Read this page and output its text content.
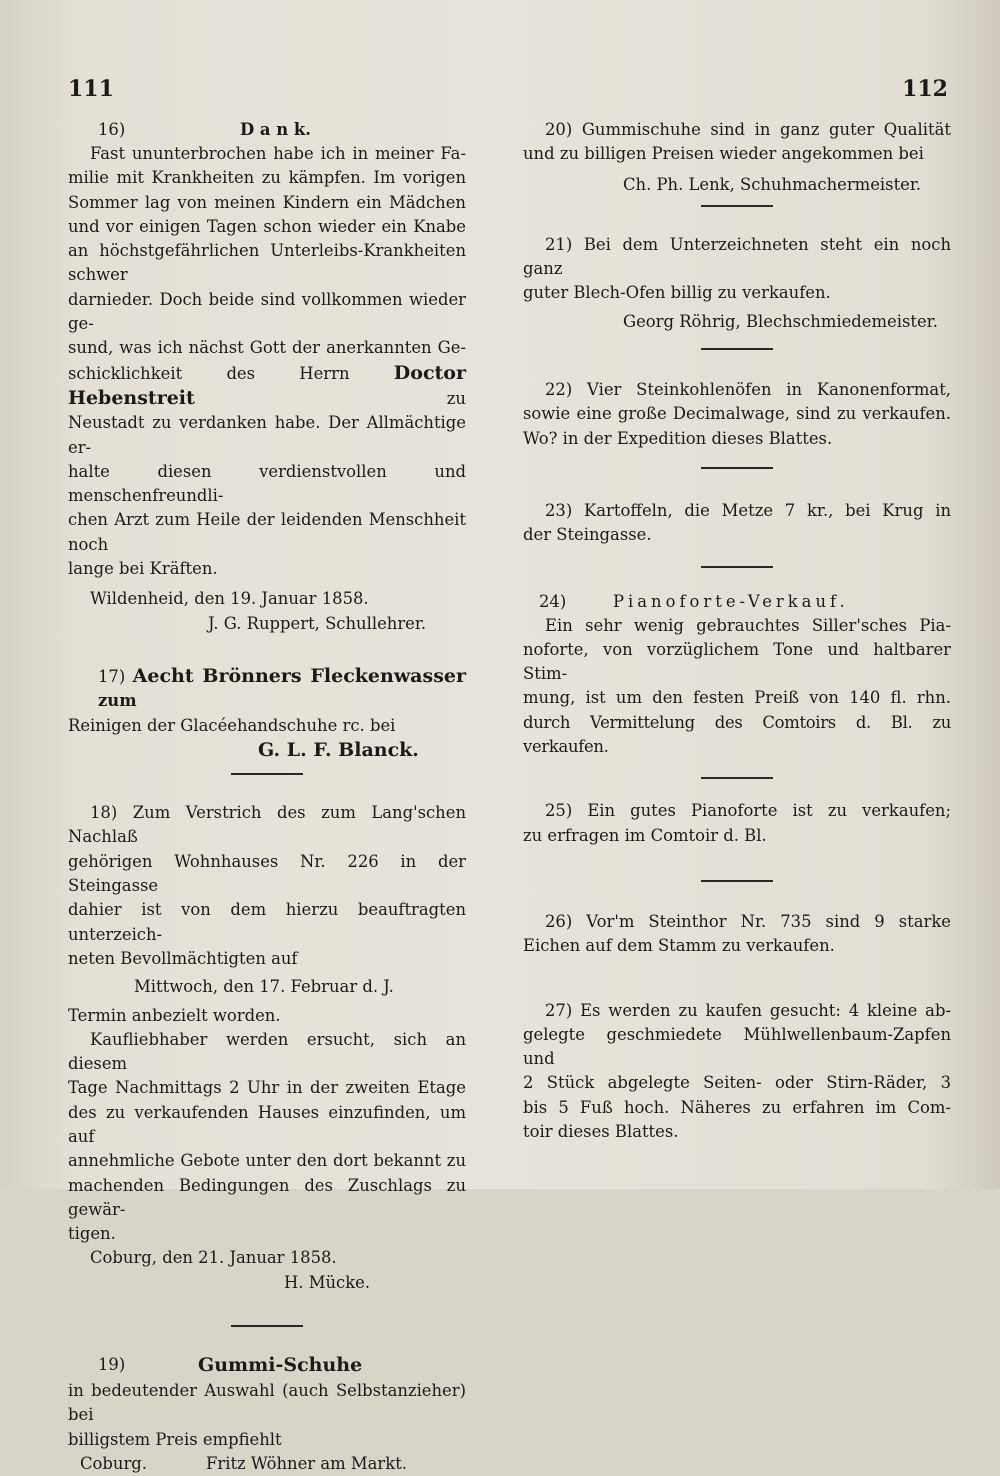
111	112

16)	D a n k.

Fast ununterbrochen habe ich in meiner Fa-

milie mit Krankheiten zu kämpfen. Im vorigen

Sommer lag von meinen Kindern ein Mädchen

und vor einigen Tagen schon wieder ein Knabe

an höchstgefährlichen Unterleibs-Krankheiten schwer

darnieder. Doch beide sind vollkommen wieder ge-

sund, was ich nächst Gott der anerkannten Ge-

schicklichkeit des Herrn Doctor Hebenstreit	zu

Neustadt zu verdanken habe. Der Allmächtige er-

halte diesen verdienstvollen und menschenfreundli-

chen Arzt zum Heile der leidenden Menschheit noch

lange bei Kräften.

Wildenheid, den 19. Januar 1858.

J. G. Ruppert, Schullehrer.

17) Aecht Brönners Fleckenwasser zum

Reinigen der Glacéehandschuhe rc. bei

G. L. F. Blanck.

18) Zum Verstrich des zum Lang'schen Nachlaß

gehörigen Wohnhauses Nr. 226 in der Steingasse

dahier ist von dem hierzu beauftragten unterzeich-

neten Bevollmächtigten auf

Mittwoch, den 17. Februar d. J.

Termin anbezielt worden.

Kaufliebhaber werden ersucht, sich an diesem

Tage Nachmittags 2 Uhr in der zweiten Etage

des zu verkaufenden Hauses einzufinden, um auf

annehmliche Gebote unter den dort bekannt zu

machenden Bedingungen des Zuschlags zu gewär-

tigen.

Coburg, den 21. Januar 1858.

H. Mücke.

19)	Gummi-Schuhe

in bedeutender Auswahl (auch Selbstanzieher) bei

billigstem Preis empfiehlt

Coburg.	Fritz Wöhner am Markt.

20) Gummischuhe sind in ganz guter Qualität

und zu billigen Preisen wieder angekommen bei

Ch. Ph. Lenk, Schuhmachermeister.

21) Bei dem Unterzeichneten steht ein noch ganz

guter Blech-Ofen billig zu verkaufen.

Georg Röhrig, Blechschmiedemeister.

22) Vier Steinkohlenöfen in Kanonenformat,

sowie eine große Decimalwage, sind zu verkaufen.

Wo? in der Expedition dieses Blattes.

23) Kartoffeln, die Metze 7 kr., bei Krug in

der Steingasse.

24)	Pianoforte-Verkauf.

Ein sehr wenig gebrauchtes Siller'sches Pia-

noforte, von vorzüglichem Tone und haltbarer Stim-

mung, ist um den festen Preiß von 140 fl. rhn.

durch Vermittelung des Comtoirs d. Bl. zu verkaufen.

25) Ein gutes Pianoforte ist zu verkaufen;

zu erfragen im Comtoir d. Bl.

26) Vor'm Steinthor Nr. 735 sind 9 starke

Eichen auf dem Stamm zu verkaufen.

27) Es werden zu kaufen gesucht: 4 kleine ab-

gelegte geschmiedete Mühlwellenbaum-Zapfen und

2 Stück abgelegte Seiten- oder Stirn-Räder, 3

bis 5 Fuß hoch. Näheres zu erfahren im Com-

toir dieses Blattes.
